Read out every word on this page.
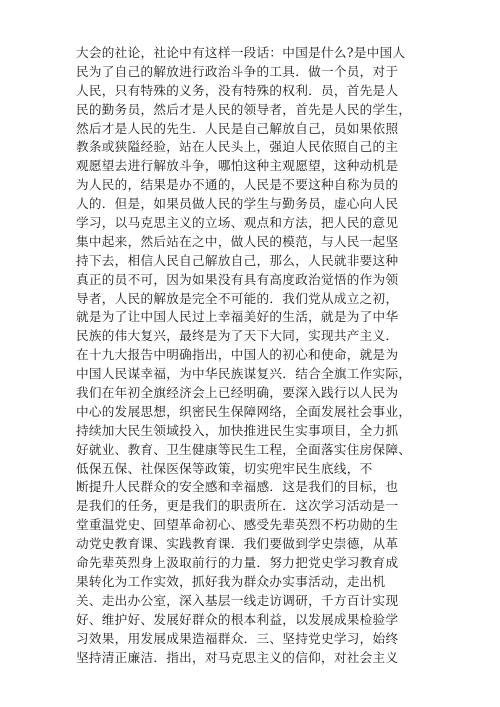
大会的社论，社论中有这样一段话：中国是什么?是中国人
民为了自己的解放进行政治斗争的工具．做一个员，对于
人民，只有特殊的义务，没有特殊的权利．员，首先是人
民的勤务员，然后才是人民的领导者，首先是人民的学生，
然后才是人民的先生．人民是自己解放自己，员如果依照
教条或狭隘经验，站在人民头上，强迫人民依照自己的主
观愿望去进行解放斗争，哪怕这种主观愿望，这种动机是
为人民的，结果是办不通的，人民是不要这种自称为员的
人的．但是，如果员做人民的学生与勤务员，虚心向人民
学习，以马克思主义的立场、观点和方法，把人民的意见
集中起来，然后站在之中，做人民的模范，与人民一起坚
持下去，相信人民自己解放自己，那么，人民就非要这种
真正的员不可，因为如果没有具有高度政治觉悟的作为领
导者，人民的解放是完全不可能的．我们党从成立之初，
就是为了让中国人民过上幸福美好的生活，就是为了中华
民族的伟大复兴，最终是为了天下大同，实现共产主义．
在十九大报告中明确指出，中国人的初心和使命，就是为
中国人民谋幸福，为中华民族谋复兴．结合全旗工作实际，
我们在年初全旗经济会上已经明确，要深入践行以人民为
中心的发展思想，织密民生保障网络，全面发展社会事业，
持续加大民生领域投入，加快推进民生实事项目，全力抓
好就业、教育、卫生健康等民生工程，全面落实住房保障、
低保五保、社保医保等政策，切实兜牢民生底线，不
断提升人民群众的安全感和幸福感．这是我们的目标，也
是我们的任务，更是我们的职责所在．这次学习活动是一
堂重温党史、回望革命初心、感受先辈英烈不朽功勋的生
动党史教育课、实践教育课．我们要做到学史崇德，从革
命先辈英烈身上汲取前行的力量．努力把党史学习教育成
果转化为工作实效，抓好我为群众办实事活动，走出机
关、走出办公室，深入基层一线走访调研，千方百计实现
好、维护好、发展好群众的根本利益，以发展成果检验学
习效果，用发展成果造福群众．三、坚持党史学习，始终
坚持清正廉洁．指出，对马克思主义的信仰，对社会主义
